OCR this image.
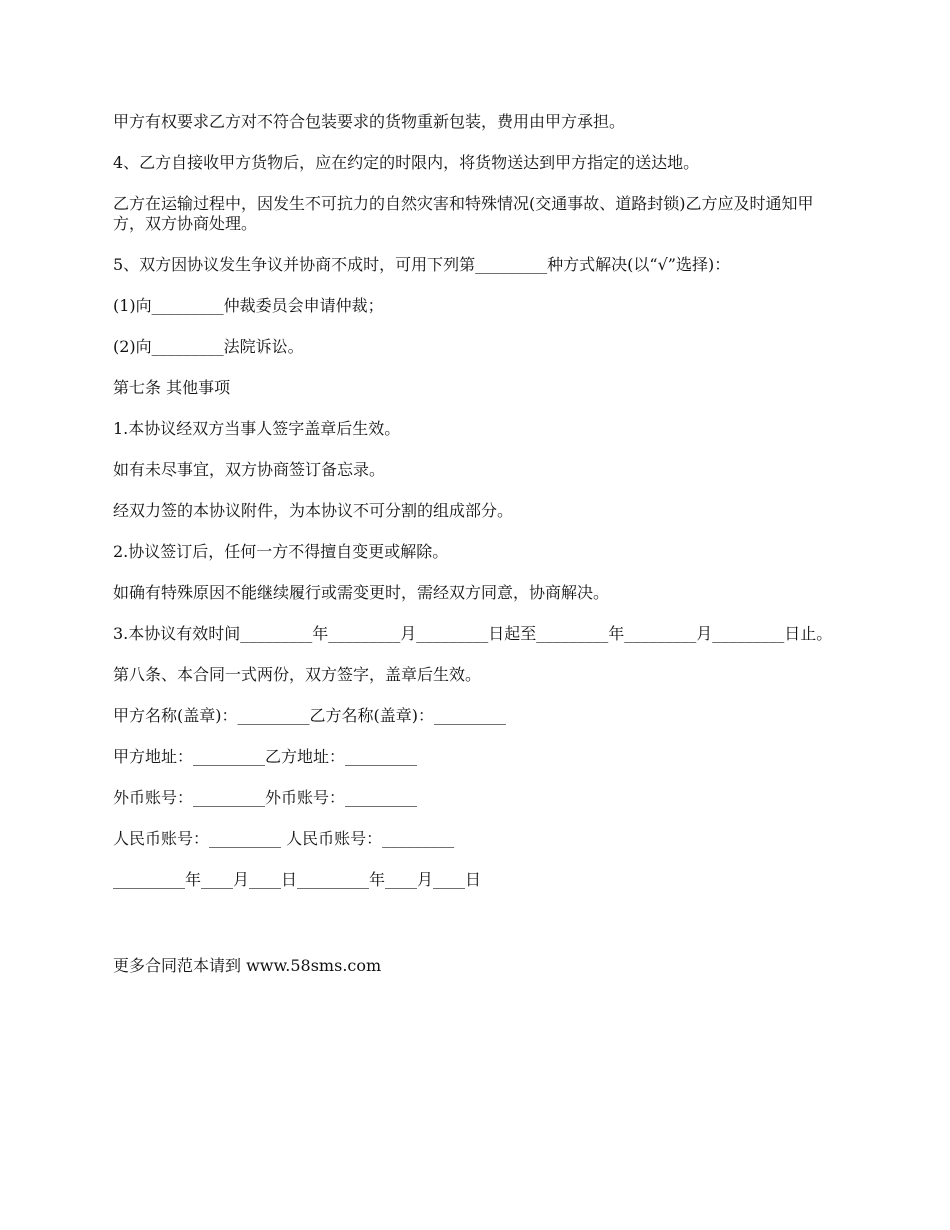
甲方有权要求乙方对不符合包装要求的货物重新包装，费用由甲方承担。

4、乙方自接收甲方货物后，应在约定的时限内，将货物送达到甲方指定的送达地。

乙方在运输过程中，因发生不可抗力的自然灾害和特殊情况(交通事故、道路封锁)乙方应及时通知甲方，双方协商处理。

5、双方因协议发生争议并协商不成时，可用下列第_________种方式解决(以“√”选择)：

(1)向_________仲裁委员会申请仲裁；

(2)向_________法院诉讼。

第七条 其他事项

1.本协议经双方当事人签字盖章后生效。

如有未尽事宜，双方协商签订备忘录。

经双力签的本协议附件，为本协议不可分割的组成部分。

2.协议签订后，任何一方不得擅自变更或解除。

如确有特殊原因不能继续履行或需变更时，需经双方同意，协商解决。

3.本协议有效时间_________年_________月_________日起至_________年_________月_________日止。

第八条、本合同一式两份，双方签字，盖章后生效。

甲方名称(盖章)：_________乙方名称(盖章)：_________

甲方地址：_________乙方地址：_________

外币账号：_________外币账号：_________

人民币账号：_________ 人民币账号：_________

_________年____月____日_________年____月____日

更多合同范本请到 www.58sms.com
